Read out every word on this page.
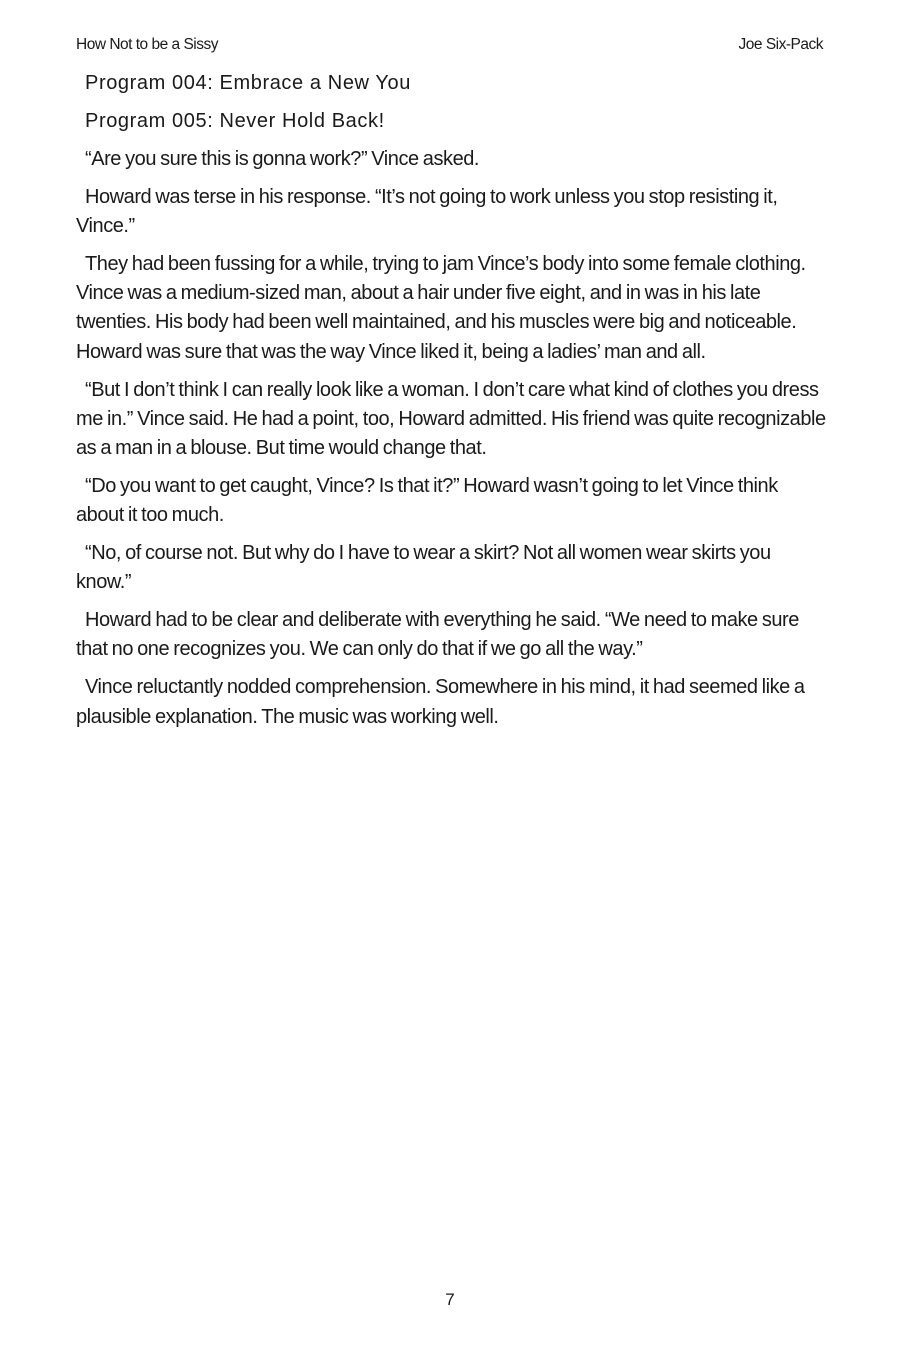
How Not to be a Sissy	Joe Six-Pack

Program 004: Embrace a New You

Program 005: Never Hold Back!

“Are you sure this is gonna work?” Vince asked.

Howard was terse in his response. “It’s not going to work unless you stop resisting it, Vince.”

They had been fussing for a while, trying to jam Vince’s body into some female clothing. Vince was a medium-sized man, about a hair under five eight, and in was in his late twenties. His body had been well maintained, and his muscles were big and noticeable. Howard was sure that was the way Vince liked it, being a ladies’ man and all.

“But I don’t think I can really look like a woman. I don’t care what kind of clothes you dress me in.” Vince said. He had a point, too, Howard admitted. His friend was quite recognizable as a man in a blouse. But time would change that.

“Do you want to get caught, Vince? Is that it?” Howard wasn’t going to let Vince think about it too much.

“No, of course not. But why do I have to wear a skirt? Not all women wear skirts you know.”

Howard had to be clear and deliberate with everything he said. “We need to make sure that no one recognizes you. We can only do that if we go all the way.”

Vince reluctantly nodded comprehension. Somewhere in his mind, it had seemed like a plausible explanation. The music was working well.

7
